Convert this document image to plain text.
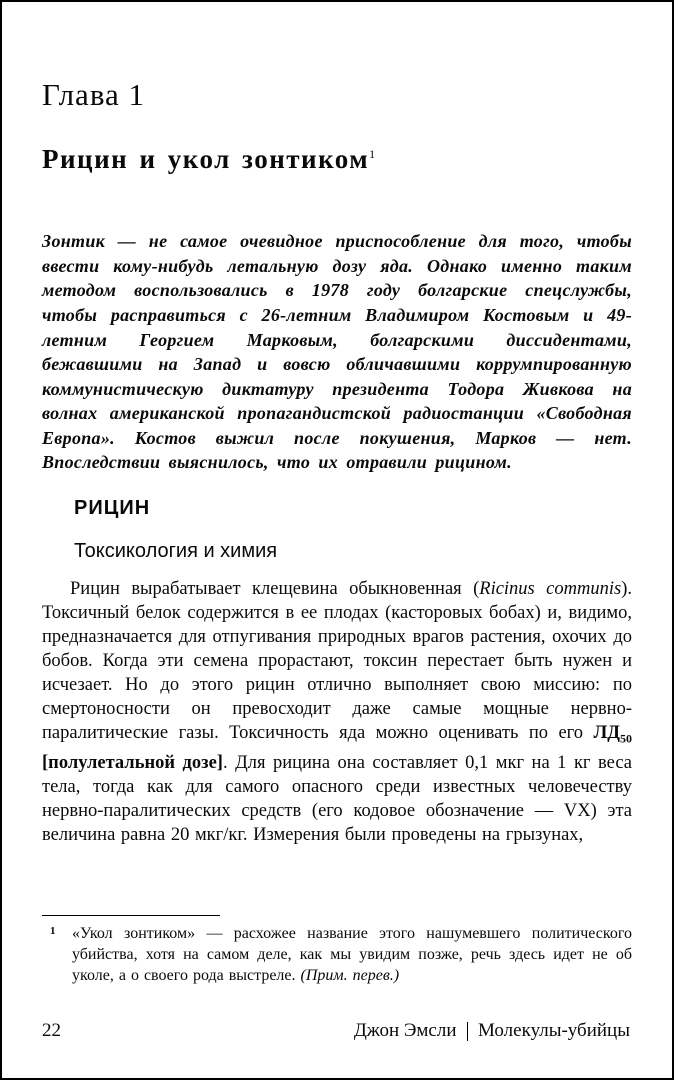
Глава 1
Рицин и укол зонтиком$^1$

Зонтик — не самое очевидное приспособление для того, чтобы ввести кому-нибудь летальную дозу яда. Однако именно таким методом воспользовались в 1978 году болгарские спецслужбы, чтобы расправиться с 26-летним Владимиром Костовым и 49-летним Георгием Марковым, болгарскими диссидентами, бежавшими на Запад и вовсю обличавшими коррумпированную коммунистическую диктатуру президента Тодора Живкова на волнах американской пропагандистской радиостанции «Свободная Европа». Костов выжил после покушения, Марков — нет. Впоследствии выяснилось, что их отравили рицином.

РИЦИН
Токсикология и химия

Рицин вырабатывает клещевина обыкновенная (Ricinus communis). Токсичный белок содержится в ее плодах (касторовых бобах) и, видимо, предназначается для отпугивания природных врагов растения, охочих до бобов. Когда эти семена прорастают, токсин перестает быть нужен и исчезает. Но до этого рицин отлично выполняет свою миссию: по смертоносности он превосходит даже самые мощные нервно-паралитические газы. Токсичность яда можно оценивать по его $ЛД_{50}$ [полулетальной дозе]. Для рицина она составляет 0,1 мкг на 1 кг веса тела, тогда как для самого опасного среди известных человечеству нервно-паралитических средств (его кодовое обозначение — VX) эта величина равна 20 мкг/кг. Измерения были проведены на грызунах,

1 «Укол зонтиком» — расхожее название этого нашумевшего политического убийства, хотя на самом деле, как мы увидим позже, речь здесь идет не об уколе, а о своего рода выстреле. (Прим. перев.)

22	Джон Эмсли Молекулы-убийцы
